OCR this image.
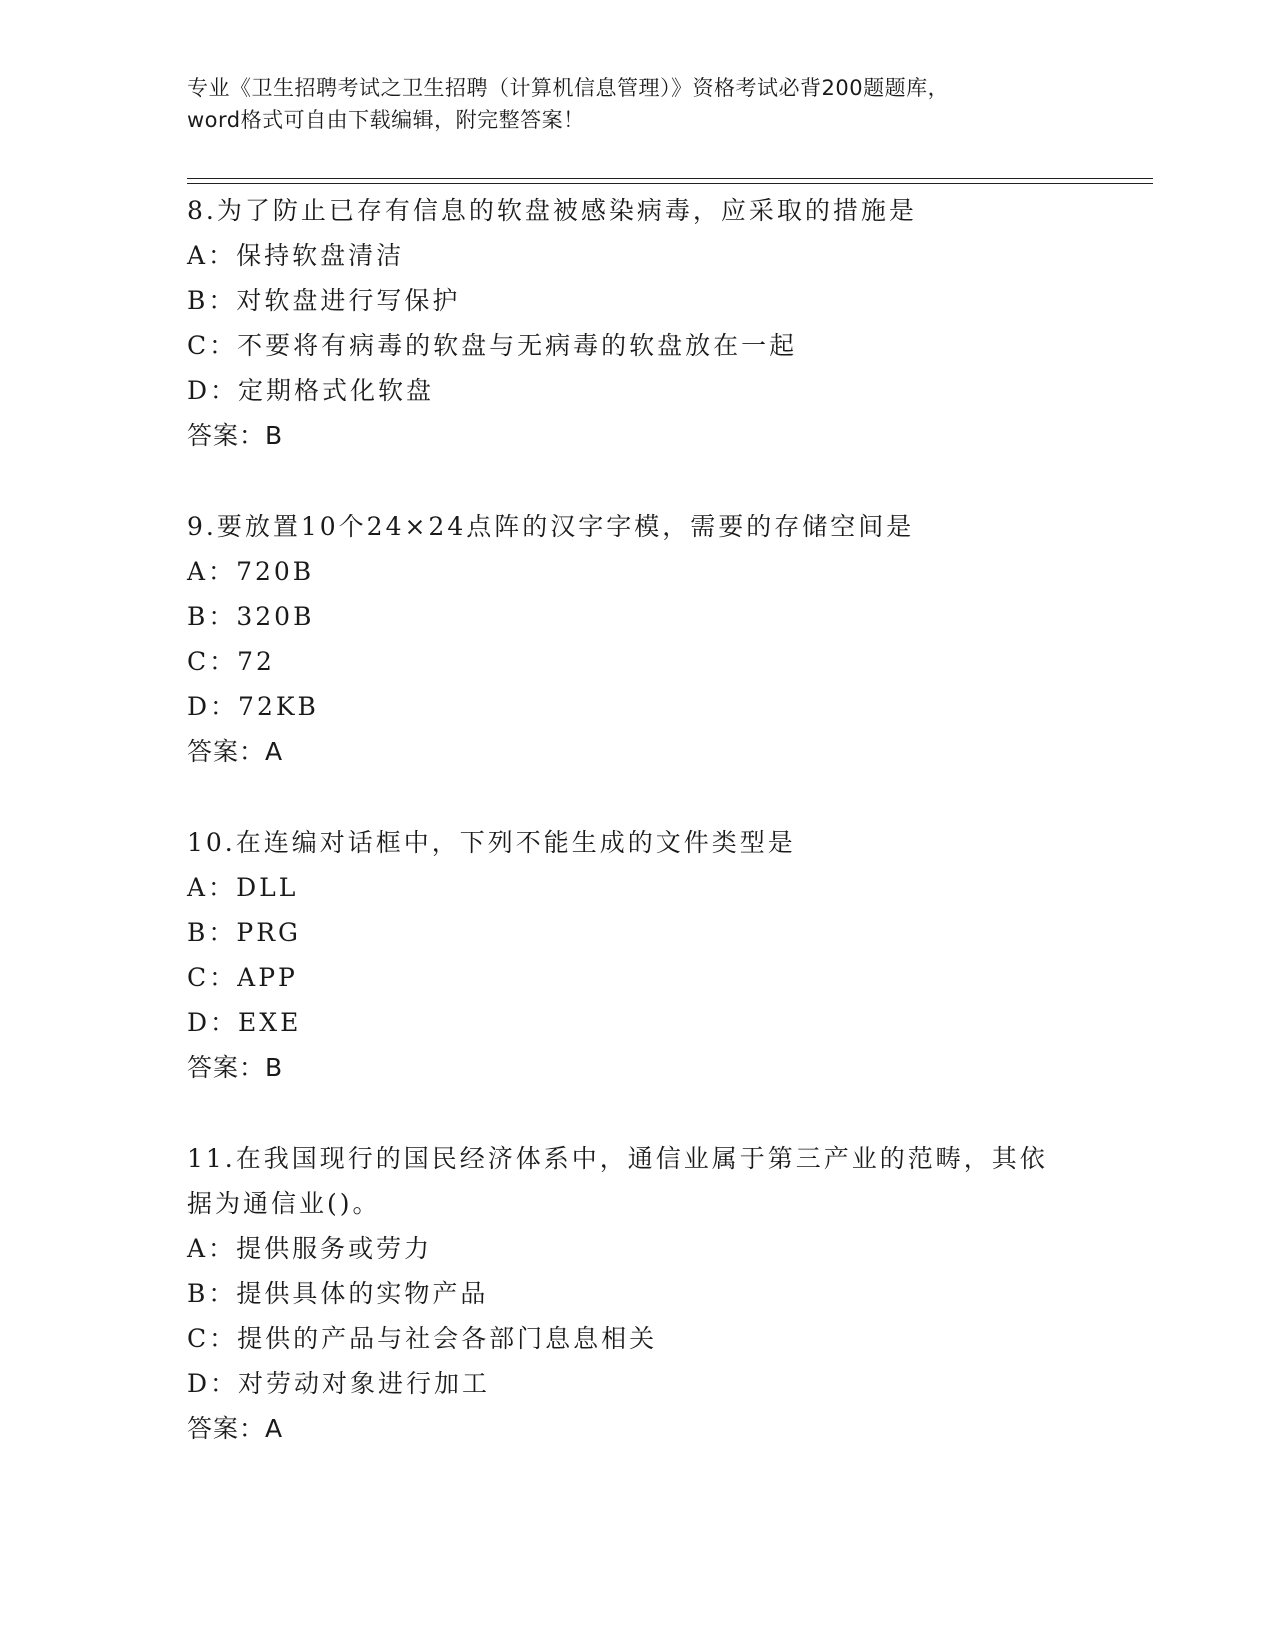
专业《卫生招聘考试之卫生招聘（计算机信息管理）》资格考试必背200题题库，
word格式可自由下载编辑，附完整答案！
8.为了防止已存有信息的软盘被感染病毒，应采取的措施是
A：保持软盘清洁
B：对软盘进行写保护
C：不要将有病毒的软盘与无病毒的软盘放在一起
D：定期格式化软盘
答案：B
9.要放置10个24×24点阵的汉字字模，需要的存储空间是
A：720B
B：320B
C：72
D：72KB
答案：A
10.在连编对话框中，下列不能生成的文件类型是
A：DLL
B：PRG
C：APP
D：EXE
答案：B
11.在我国现行的国民经济体系中，通信业属于第三产业的范畴，其依据为通信业()。
A：提供服务或劳力
B：提供具体的实物产品
C：提供的产品与社会各部门息息相关
D：对劳动对象进行加工
答案：A
